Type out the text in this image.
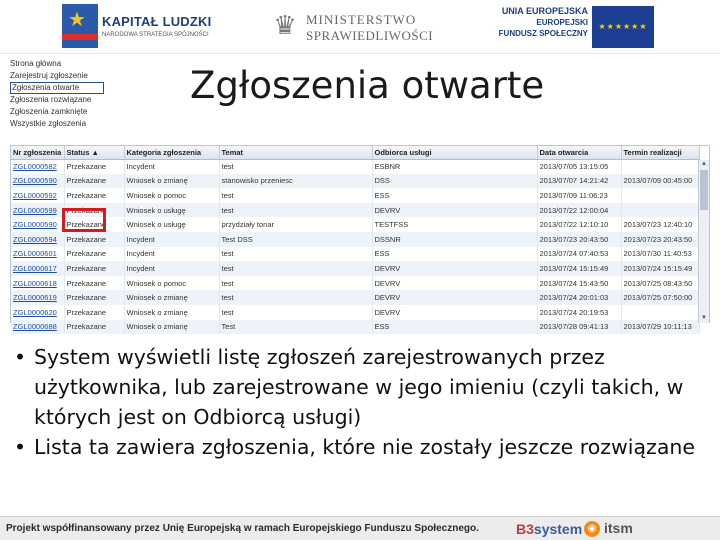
★ KAPITAŁ LUDZKI
NARODOWA STRATEGIA SPÓJNOŚCI ♛ MINISTERSTWO
SPRAWIEDLIWOŚCI
UNIA EUROPEJSKA
EUROPEJSKI
FUNDUSZ SPOŁECZNY
★★★★★★
Strona główna
Zarejestruj zgłoszenie
Zgłoszenia otwarte
Zgłoszenia rozwiązane
Zgłoszenia zamknięte
Wszystkie zgłoszenia
Zgłoszenia otwarte
Nr zgłoszenia	Status ▲	Kategoria zgłoszenia	Temat	Odbiorca usługi	Data otwarcia	Termin realizacji
ZGL0000582	Przekazane	Incydent	test	ESBNR	2013/07/05 13:15:05	
ZGL0000590	Przekazane	Wniosek o zmianę	stanowisko przeniesc	DSS	2013/07/07 14:21:42	2013/07/09 00:45:00
ZGL0000592	Przekazane	Wniosek o pomoc	test	ESS	2013/07/09 11:06:23	
ZGL0000599	Przekazane	Wniosek o usługę	test	DEVRV	2013/07/22 12:00:04	
ZGL0000590	Przekazane	Wniosek o usługę	przydziały tonar	TESTFSS	2013/07/22 12:10:10	2013/07/23 12:40:10
ZGL0000594	Przekazane	Incydent	Test DSS	DSSNR	2013/07/23 20:43:50	2013/07/23 20:43:50
ZGL0000601	Przekazane	Incydent	test	ESS	2013/07/24 07:40:53	2013/07/30 11:40:53
ZGL0000617	Przekazane	Incydent	test	DEVRV	2013/07/24 15:15:49	2013/07/24 15:15:49
ZGL0000618	Przekazane	Wniosek o pomoc	test	DEVRV	2013/07/24 15:43:50	2013/07/25 08:43:50
ZGL0000619	Przekazane	Wniosek o zmianę	test	DEVRV	2013/07/24 20:01:03	2013/07/25 07:50:00
ZGL0000620	Przekazane	Wniosek o zmianę	test	DEVRV	2013/07/24 20:19:53	
ZGL0000688	Przekazane	Wniosek o zmianę	Test	ESS	2013/07/28 09:41:13	2013/07/29 10:11:13
▲
▼
• System wyświetli listę zgłoszeń zarejestrowanych przez użytkownika, lub zarejestrowane w jego imieniu (czyli takich, w których jest on Odbiorcą usługi)
• Lista ta zawiera zgłoszenia, które nie zostały jeszcze rozwiązane
Projekt współfinansowany przez Unię Europejską w ramach Europejskiego Funduszu Społecznego.	B3system ◉ itsm
